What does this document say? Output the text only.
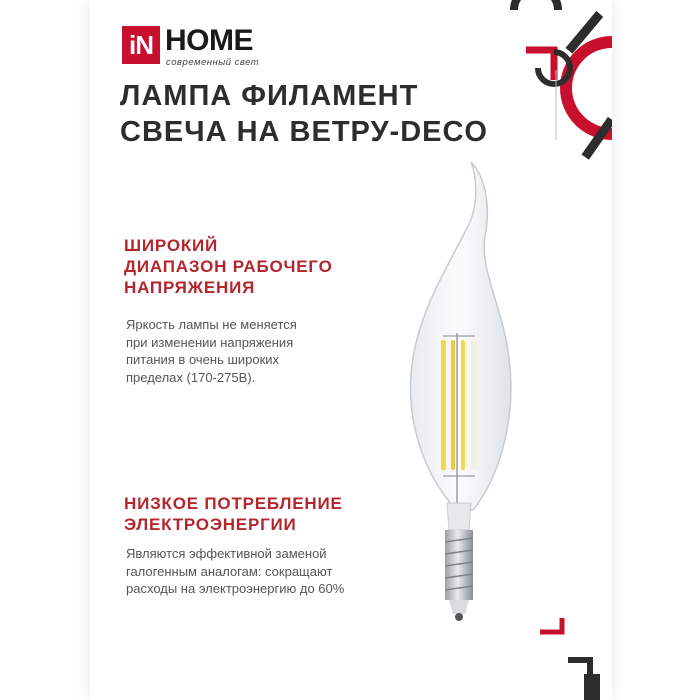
iN HOME
современный свет
ЛАМПА ФИЛАМЕНТ
СВЕЧА НА ВЕТРУ-DECO
ШИРОКИЙ
ДИАПАЗОН РАБОЧЕГО
НАПРЯЖЕНИЯ
Яркость лампы не меняется
при изменении напряжения
питания в очень широких
пределах (170-275В).
НИЗКОЕ ПОТРЕБЛЕНИЕ
ЭЛЕКТРОЭНЕРГИИ
Являются эффективной заменой
галогенным аналогам: сокращают
расходы на электроэнергию до 60%
